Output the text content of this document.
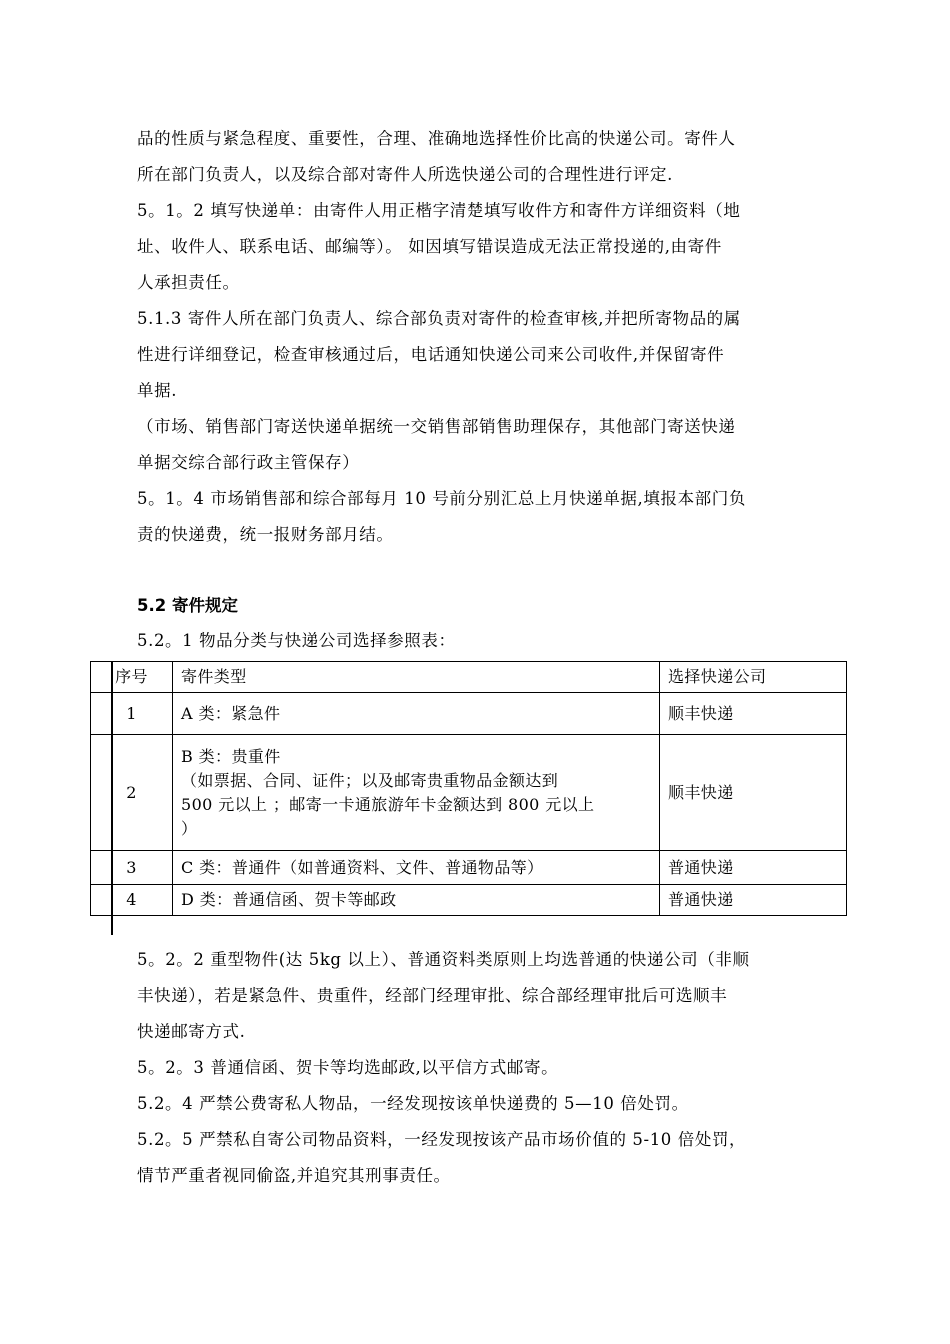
品的性质与紧急程度、重要性，合理、准确地选择性价比高的快递公司。寄件人
所在部门负责人，以及综合部对寄件人所选快递公司的合理性进行评定.
5。1。2 填写快递单：由寄件人用正楷字清楚填写收件方和寄件方详细资料（地
址、收件人、联系电话、邮编等）。 如因填写错误造成无法正常投递的,由寄件
人承担责任。
5.1.3 寄件人所在部门负责人、综合部负责对寄件的检查审核,并把所寄物品的属
性进行详细登记，检查审核通过后，电话通知快递公司来公司收件,并保留寄件
单据.
（市场、销售部门寄送快递单据统一交销售部销售助理保存，其他部门寄送快递
单据交综合部行政主管保存）
5。1。4 市场销售部和综合部每月 10 号前分别汇总上月快递单据,填报本部门负
责的快递费，统一报财务部月结。
5.2 寄件规定
5.2。1 物品分类与快递公司选择参照表：
序号	寄件类型	选择快递公司
1	A 类：紧急件	顺丰快递
2	B 类：贵重件
（如票据、合同、证件；以及邮寄贵重物品金额达到
500 元以上 ；邮寄一卡通旅游年卡金额达到 800 元以上
）	顺丰快递
3	C 类：普通件（如普通资料、文件、普通物品等）	普通快递
4	D 类：普通信函、贺卡等邮政	普通快递
5。2。2 重型物件(达 5kg 以上）、普通资料类原则上均选普通的快递公司（非顺
丰快递），若是紧急件、贵重件，经部门经理审批、综合部经理审批后可选顺丰
快递邮寄方式.
5。2。3 普通信函、贺卡等均选邮政,以平信方式邮寄。
5.2。4 严禁公费寄私人物品，一经发现按该单快递费的 5—10 倍处罚。
5.2。5 严禁私自寄公司物品资料，一经发现按该产品市场价值的 5-10 倍处罚，
情节严重者视同偷盗,并追究其刑事责任。
